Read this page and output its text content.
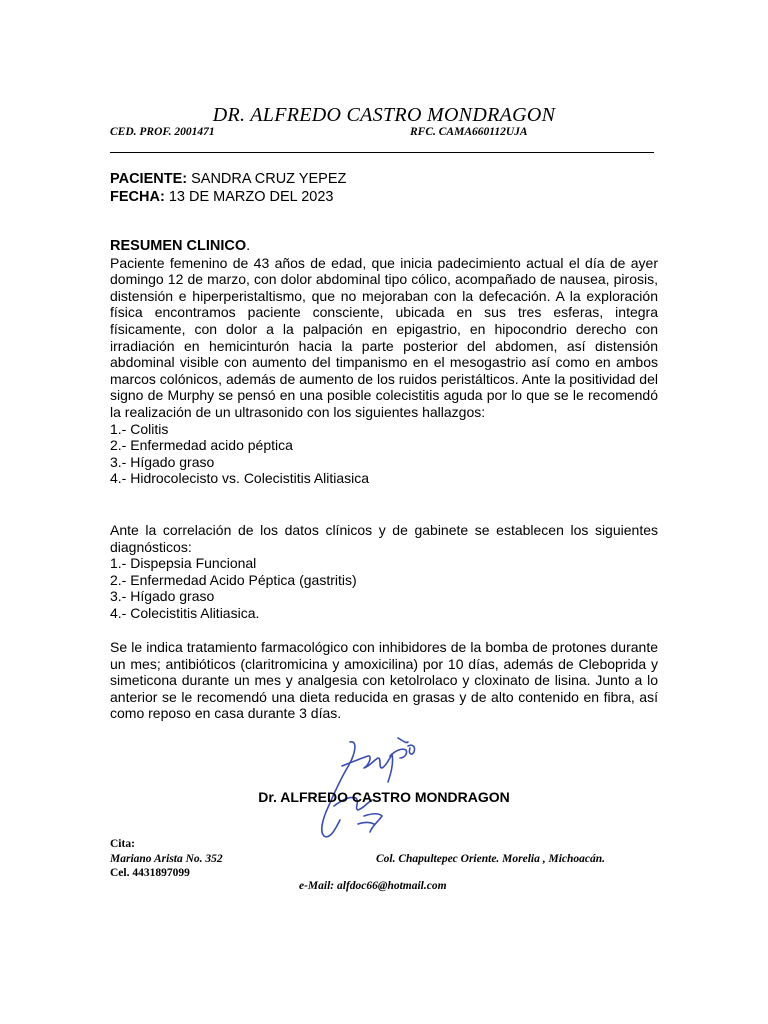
DR. ALFREDO CASTRO MONDRAGON
CED. PROF. 2001471	RFC. CAMA660112UJA
PACIENTE: SANDRA CRUZ YEPEZ
FECHA: 13 DE MARZO DEL 2023

RESUMEN CLINICO.

Paciente femenino de 43 años de edad, que inicia padecimiento actual el día de ayer domingo 12 de marzo, con dolor abdominal tipo cólico, acompañado de nausea, pirosis, distensión e hiperperistaltismo, que no mejoraban con la defecación. A la exploración física encontramos paciente consciente, ubicada en sus tres esferas, integra físicamente, con dolor a la palpación en epigastrio, en hipocondrio derecho con irradiación en hemicinturón hacia la parte posterior del abdomen, así distensión abdominal visible con aumento del timpanismo en el mesogastrio así como en ambos marcos colónicos, además de aumento de los ruidos peristálticos. Ante la positividad del signo de Murphy se pensó en una posible colecistitis aguda por lo que se le recomendó la realización de un ultrasonido con los siguientes hallazgos:

1.- Colitis
2.- Enfermedad acido péptica
3.- Hígado graso
4.- Hidrocolecisto vs. Colecistitis Alitiasica

Ante la correlación de los datos clínicos y de gabinete se establecen los siguientes diagnósticos:

1.- Dispepsia Funcional
2.- Enfermedad Acido Péptica (gastritis)
3.- Hígado graso
4.- Colecistitis Alitiasica.

Se le indica tratamiento farmacológico con inhibidores de la bomba de protones durante un mes; antibióticos (claritromicina y amoxicilina) por 10 días, además de Cleboprida y simeticona durante un mes y analgesia con ketolrolaco y cloxinato de lisina. Junto a lo anterior se le recomendó una dieta reducida en grasas y de alto contenido en fibra, así como reposo en casa durante 3 días.

Dr. ALFREDO CASTRO MONDRAGON
Cita:
Mariano Arista No. 352	Col. Chapultepec Oriente. Morelia , Michoacán.
Cel. 4431897099
e-Mail: alfdoc66@hotmail.com
